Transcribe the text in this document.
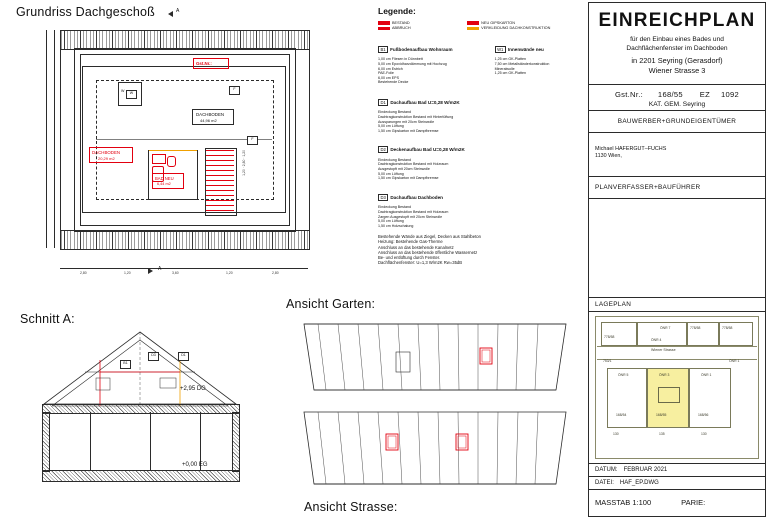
Grundriss Dachgeschoß	A
W
Gst.Nr.:
DACHBODEN
44,96 m2
DACHBODEN
20,29 m2
BAD NEU
6,44 m2
W
F
F
1,20 · 2,80 · 1,20
2,80	1,20	3,60	1,20	2,80
A
Schnitt A:
D3	D1
B1
+2,95 DG
+0,00 EG
Ansicht Garten:
Ansicht Strasse:
Legende:
BESTAND
ABBRUCH
NEU GIPSKARTON
VERKLEIDUNG DACHKONSTRUKTION
B1 Fußbodenaufbau Wohnraum
1,00 cm Fliesen in Dünnbett
5,00 cm Epoxidharzdämmung mit Hochzug
6,00 cm Estrich
PAE-Folie
6,00 cm EPS
Bestehende Decke
W1 Innenwände neu
1,25 cm GK-Platten
7,50 cm Metallständerkonstruktion
Mineralwolle
1,25 cm GK-Platten
D1 Dachaufbau Bad U=0,28 W/m2K
Eindeckung Bestand
Dachtragkonstruktion Bestand mit Hinterlüftung
Aussparungen mit 20cm Steinwolle
5,00 cm Lüftung
1,50 cm Gipskarton mit Dampfbremse
D2 Deckenaufbau Bad U=0,28 W/m2K
Eindeckung Bestand
Dachtragkonstruktion Bestand mit Holzraum
Ausgestopft mit 20cm Steinwolle
5,00 cm Lüftung
1,50 cm Gipskarton mit Dampfbremse
D3 Dachaufbau Dachboden
Eindeckung Bestand
Dachtragkonstruktion Bestand mit Holzraum
Zargen Ausgestopft mit 20cm Steinwolle
5,00 cm Lüftung
1,50 cm Holzschalung
Bestehende Wände aus Ziegel, Decken aus Stahlbeton
Heizung: Bestehende Gas-Therme
Anschluss an das bestehende Kanalnetz
Anschluss an das bestehende öffentliche Wassernetz
Be- und entlüftung durch Fenster.
Dachflächenfenster: U=1,3 W/m2K Rw=35dB
EINREICHPLAN
für den Einbau eines Bades und
Dachflächenfenster im Dachboden
in 2201 Seyring (Gerasdorf)
Wiener Strasse 3
Gst.Nr.: 168/55 EZ 1092
KAT. GEM. Seyring
BAUWERBER+GRUNDEIGENTÜMER
Michael HAFERGUT–FUCHS
1130 Wien,
PLANVERFASSER+BAUFÜHRER
LAGEPLAN
Wiener Strasse
778/58
ÖNR 7	778/58	778/58
ÖNR 4
753/1	ÖNR 1
ÖNR 5
168/54
ÖNR 3
168/55
ÖNR 1
168/56
130	135	130
DATUM: FEBRUAR 2021
DATEI: HAF_EP.DWG
MASSTAB 1:100	PARIE:
